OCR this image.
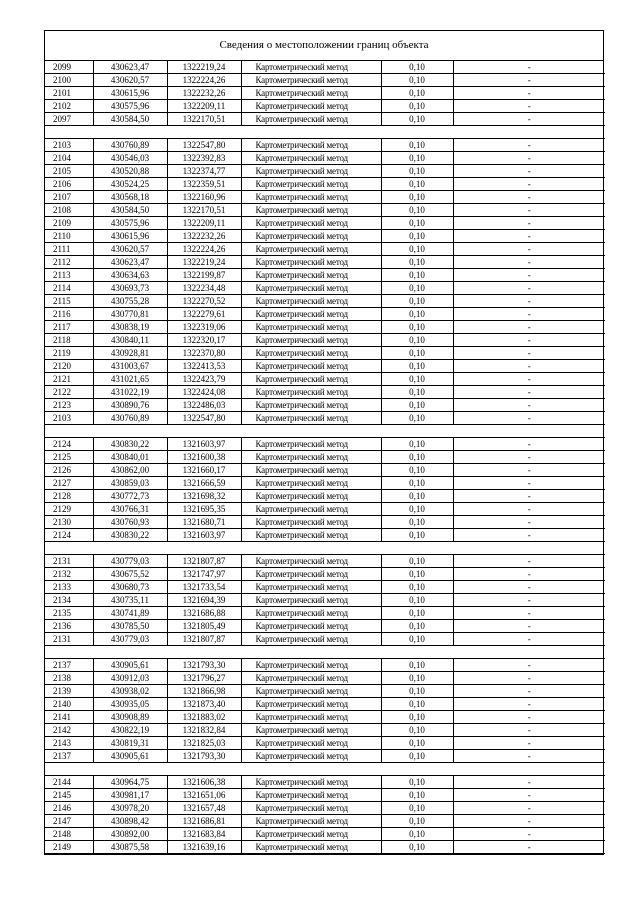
Сведения о местоположении границ объекта
2099	430623,47	1322219,24	Картометрический метод	0,10	-
2100	430620,57	1322224,26	Картометрический метод	0,10	-
2101	430615,96	1322232,26	Картометрический метод	0,10	-
2102	430575,96	1322209,11	Картометрический метод	0,10	-
2097	430584,50	1322170,51	Картометрический метод	0,10	-

2103	430760,89	1322547,80	Картометрический метод	0,10	-
2104	430546,03	1322392,83	Картометрический метод	0,10	-
2105	430520,88	1322374,77	Картометрический метод	0,10	-
2106	430524,25	1322359,51	Картометрический метод	0,10	-
2107	430568,18	1322160,96	Картометрический метод	0,10	-
2108	430584,50	1322170,51	Картометрический метод	0,10	-
2109	430575,96	1322209,11	Картометрический метод	0,10	-
2110	430615,96	1322232,26	Картометрический метод	0,10	-
2111	430620,57	1322224,26	Картометрический метод	0,10	-
2112	430623,47	1322219,24	Картометрический метод	0,10	-
2113	430634,63	1322199,87	Картометрический метод	0,10	-
2114	430693,73	1322234,48	Картометрический метод	0,10	-
2115	430755,28	1322270,52	Картометрический метод	0,10	-
2116	430770,81	1322279,61	Картометрический метод	0,10	-
2117	430838,19	1322319,06	Картометрический метод	0,10	-
2118	430840,11	1322320,17	Картометрический метод	0,10	-
2119	430928,81	1322370,80	Картометрический метод	0,10	-
2120	431003,67	1322413,53	Картометрический метод	0,10	-
2121	431021,65	1322423,79	Картометрический метод	0,10	-
2122	431022,19	1322424,08	Картометрический метод	0,10	-
2123	430890,76	1322486,03	Картометрический метод	0,10	-
2103	430760,89	1322547,80	Картометрический метод	0,10	-

2124	430830,22	1321603,97	Картометрический метод	0,10	-
2125	430840,01	1321600,38	Картометрический метод	0,10	-
2126	430862,00	1321660,17	Картометрический метод	0,10	-
2127	430859,03	1321666,59	Картометрический метод	0,10	-
2128	430772,73	1321698,32	Картометрический метод	0,10	-
2129	430766,31	1321695,35	Картометрический метод	0,10	-
2130	430760,93	1321680,71	Картометрический метод	0,10	-
2124	430830,22	1321603,97	Картометрический метод	0,10	-

2131	430779,03	1321807,87	Картометрический метод	0,10	-
2132	430675,52	1321747,97	Картометрический метод	0,10	-
2133	430680,73	1321733,54	Картометрический метод	0,10	-
2134	430735,11	1321694,39	Картометрический метод	0,10	-
2135	430741,89	1321686,88	Картометрический метод	0,10	-
2136	430785,50	1321805,49	Картометрический метод	0,10	-
2131	430779,03	1321807,87	Картометрический метод	0,10	-

2137	430905,61	1321793,30	Картометрический метод	0,10	-
2138	430912,03	1321796,27	Картометрический метод	0,10	-
2139	430938,02	1321866,98	Картометрический метод	0,10	-
2140	430935,05	1321873,40	Картометрический метод	0,10	-
2141	430908,89	1321883,02	Картометрический метод	0,10	-
2142	430822,19	1321832,84	Картометрический метод	0,10	-
2143	430819,31	1321825,03	Картометрический метод	0,10	-
2137	430905,61	1321793,30	Картометрический метод	0,10	-

2144	430964,75	1321606,38	Картометрический метод	0,10	-
2145	430981,17	1321651,06	Картометрический метод	0,10	-
2146	430978,20	1321657,48	Картометрический метод	0,10	-
2147	430898,42	1321686,81	Картометрический метод	0,10	-
2148	430892,00	1321683,84	Картометрический метод	0,10	-
2149	430875,58	1321639,16	Картометрический метод	0,10	-
